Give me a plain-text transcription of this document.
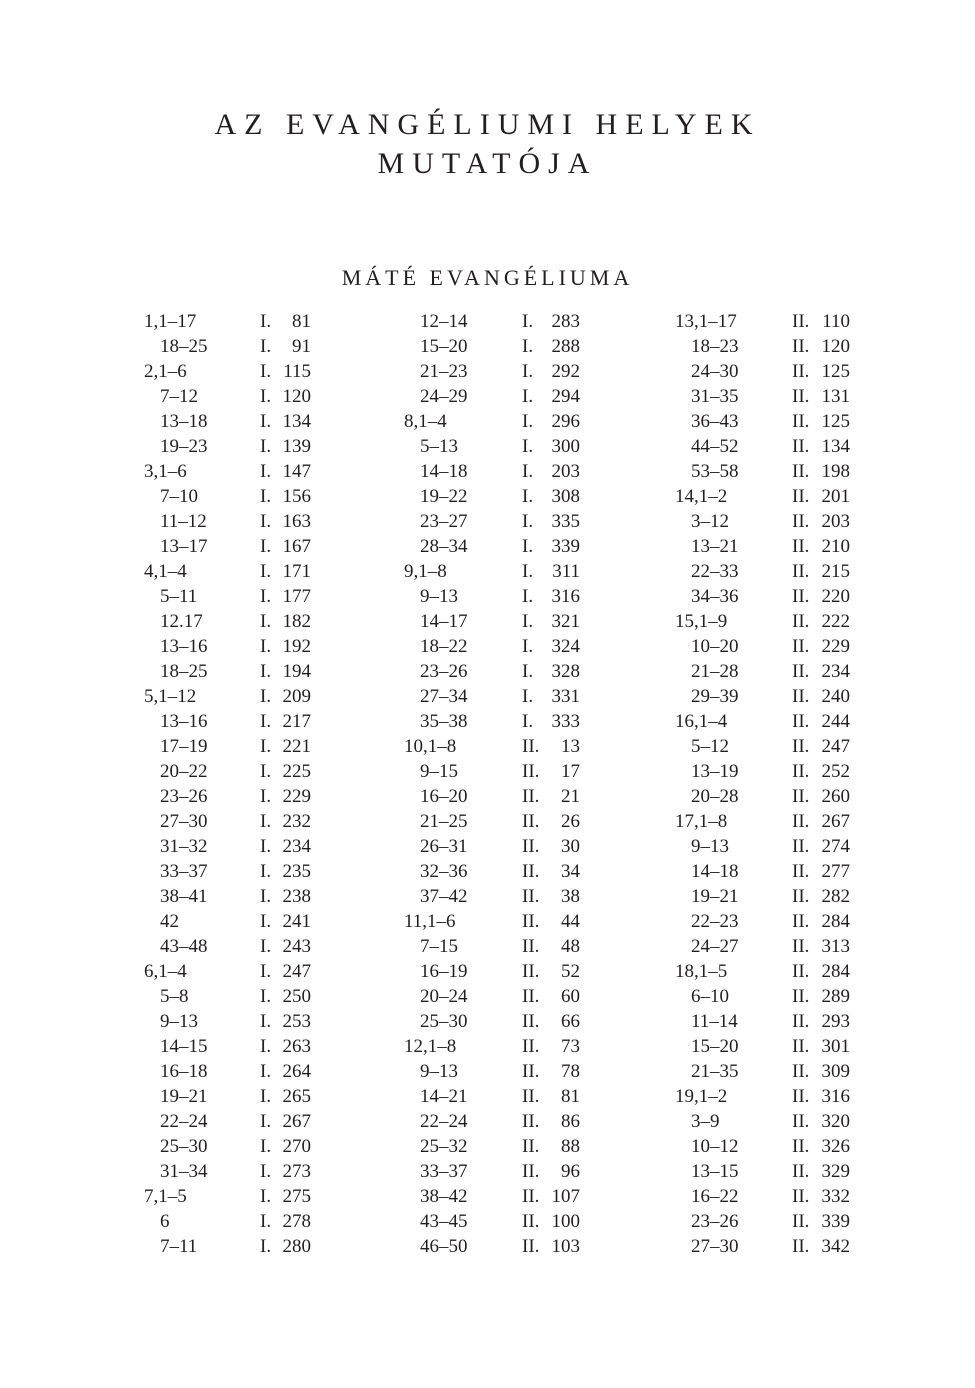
AZ EVANGÉLIUMI HELYEK
MUTATÓJA
MÁTÉ EVANGÉLIUMA
1,1–17	I.	81
18–25	I.	91
2,1–6	I. 115
7–12	I. 120
13–18	I. 134
19–23	I. 139
3,1–6	I. 147
7–10	I. 156
11–12	I. 163
13–17	I. 167
4,1–4	I. 171
5–11	I. 177
12.17	I. 182
13–16	I. 192
18–25	I. 194
5,1–12	I. 209
13–16	I. 217
17–19	I. 221
20–22	I. 225
23–26	I. 229
27–30	I. 232
31–32	I. 234
33–37	I. 235
38–41	I. 238
42	I. 241
43–48	I. 243
6,1–4	I. 247
5–8	I. 250
9–13	I. 253
14–15	I. 263
16–18	I. 264
19–21	I. 265
22–24	I. 267
25–30	I. 270
31–34	I. 273
7,1–5	I. 275
6	I. 278
7–11	I. 280
12–14	I. 283
15–20	I. 288
21–23	I. 292
24–29	I. 294
8,1–4	I. 296
5–13	I. 300
14–18	I. 203
19–22	I. 308
23–27	I. 335
28–34	I. 339
9,1–8	I.	311
9–13	I. 316
14–17	I. 321
18–22	I. 324
23–26	I. 328
27–34	I. 331
35–38	I. 333
10,1–8	II.	13
9–15	II.	17
16–20	II.	21
21–25	II.	26
26–31	II.	30
32–36	II.	34
37–42	II.	38
11,1–6	II.	44
7–15	II.	48
16–19	II.	52
20–24	II.	60
25–30	II.	66
12,1–8	II.	73
9–13	II.	78
14–21	II.	81
22–24	II.	86
25–32	II.	88
33–37	II.	96
38–42	II. 107
43–45	II. 100
46–50	II. 103
13,1–17	II. 110
18–23	II. 120
24–30	II. 125
31–35	II. 131
36–43	II. 125
44–52	II. 134
53–58	II. 198
14,1–2	II. 201
3–12	II. 203
13–21	II. 210
22–33	II. 215
34–36	II. 220
15,1–9	II. 222
10–20	II. 229
21–28	II. 234
29–39	II. 240
16,1–4	II. 244
5–12	II. 247
13–19	II. 252
20–28	II. 260
17,1–8	II. 267
9–13	II. 274
14–18	II. 277
19–21	II. 282
22–23	II. 284
24–27	II. 313
18,1–5	II. 284
6–10	II. 289
11–14	II. 293
15–20	II. 301
21–35	II. 309
19,1–2	II. 316
3–9	II. 320
10–12	II. 326
13–15	II. 329
16–22	II. 332
23–26	II. 339
27–30	II. 342
